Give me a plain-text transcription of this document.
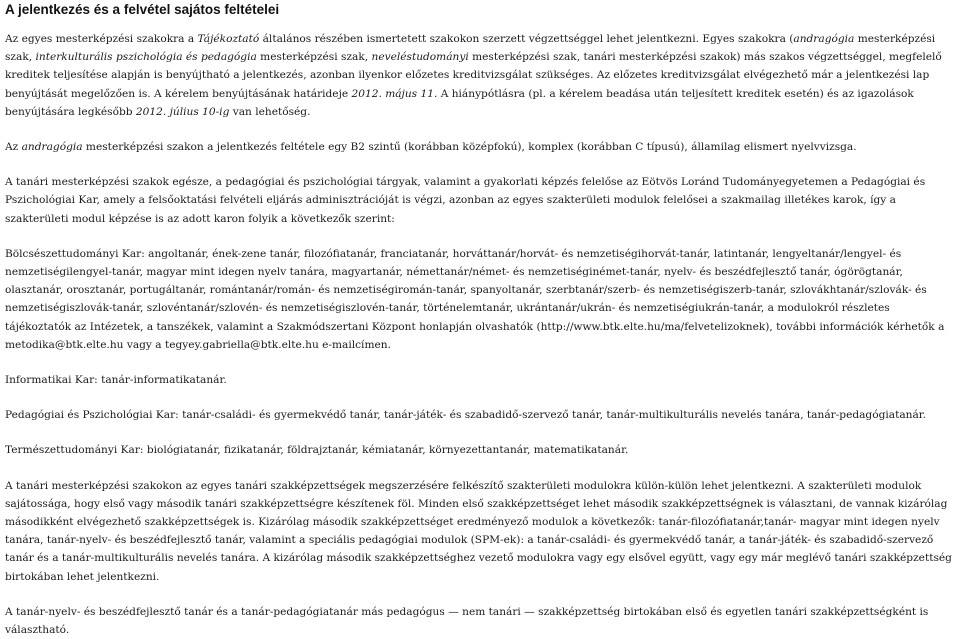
A jelentkezés és a felvétel sajátos feltételei

Az egyes mesterképzési szakokra a Tájékoztató általános részében ismertetett szakokon szerzett végzettséggel lehet jelentkezni. Egyes szakokra (andragógia mesterképzési szak, interkulturális pszichológia és pedagógia mesterképzési szak, neveléstudományi mesterképzési szak, tanári mesterképzési szakok) más szakos végzettséggel, megfelelő kreditek teljesítése alapján is benyújtható a jelentkezés, azonban ilyenkor előzetes kreditvizsgálat szükséges. Az előzetes kreditvizsgálat elvégezhető már a jelentkezési lap benyújtását megelőzően is. A kérelem benyújtásának határideje 2012. május 11. A hiánypótlásra (pl. a kérelem beadása után teljesített kreditek esetén) és az igazolások benyújtására legkésőbb 2012. július 10-ig van lehetőség.

Az andragógia mesterképzési szakon a jelentkezés feltétele egy B2 szintű (korábban középfokú), komplex (korábban C típusú), államilag elismert nyelvvizsga.

A tanári mesterképzési szakok egésze, a pedagógiai és pszichológiai tárgyak, valamint a gyakorlati képzés felelőse az Eötvös Loránd Tudományegyetemen a Pedagógiai és Pszichológiai Kar, amely a felsőoktatási felvételi eljárás adminisztrációját is végzi, azonban az egyes szakterületi modulok felelősei a szakmailag illetékes karok, így a szakterületi modul képzése is az adott karon folyik a következők szerint:

Bölcsészettudományi Kar: angoltanár, ének-zene tanár, filozófiatanár, franciatanár, horváttanár/horvát- és nemzetiségihorvát-tanár, latintanár, lengyeltanár/lengyel- és nemzetiségilengyel-tanár, magyar mint idegen nyelv tanára, magyartanár, némettanár/német- és nemzetiséginémet-tanár, nyelv- és beszédfejlesztő tanár, ógörögtanár, olasztanár, orosztanár, portugáltanár, romántanár/román- és nemzetiségiromán-tanár, spanyoltanár, szerbtanár/szerb- és nemzetiségiszerb-tanár, szlovákhtanár/szlovák- és nemzetiségiszlovák-tanár, szlovéntanár/szlovén- és nemzetiségiszlovén-tanár, történelemtanár, ukrántanár/ukrán- és nemzetiségiukrán-tanár, a modulokról részletes tájékoztatók az Intézetek, a tanszékek, valamint a Szakmódszertani Központ honlapján olvashatók (http://www.btk.elte.hu/ma/felvetelizoknek), további információk kérhetők a metodika@btk.elte.hu vagy a tegyey.gabriella@btk.elte.hu e-mailcímen.

Informatikai Kar: tanár-informatikatanár.

Pedagógiai és Pszichológiai Kar: tanár-családi- és gyermekvédő tanár, tanár-játék- és szabadidő-szervező tanár, tanár-multikulturális nevelés tanára, tanár-pedagógiatanár.

Természettudományi Kar: biológiatanár, fizikatanár, földrajztanár, kémiatanár, környezettantanár, matematikatanár.

A tanári mesterképzési szakokon az egyes tanári szakképzettségek megszerzésére felkészítő szakterületi modulokra külön-külön lehet jelentkezni. A szakterületi modulok sajátossága, hogy első vagy második tanári szakképzettségre készítenek föl. Minden első szakképzettséget lehet második szakképzettségnek is választani, de vannak kizárólag másodikként elvégezhető szakképzettségek is. Kizárólag második szakképzettséget eredményező modulok a következők: tanár-filozófiatanár,tanár- magyar mint idegen nyelv tanára, tanár-nyelv- és beszédfejlesztő tanár, valamint a speciális pedagógiai modulok (SPM-ek): a tanár-családi- és gyermekvédő tanár, a tanár-játék- és szabadidő-szervező tanár és a tanár-multikulturális nevelés tanára. A kizárólag második szakképzettséghez vezető modulokra vagy egy elsővel együtt, vagy egy már meglévő tanári szakképzettség birtokában lehet jelentkezni.

A tanár-nyelv- és beszédfejlesztő tanár és a tanár-pedagógiatanár más pedagógus — nem tanári — szakképzettség birtokában első és egyetlen tanári szakképzettségként is választható.
